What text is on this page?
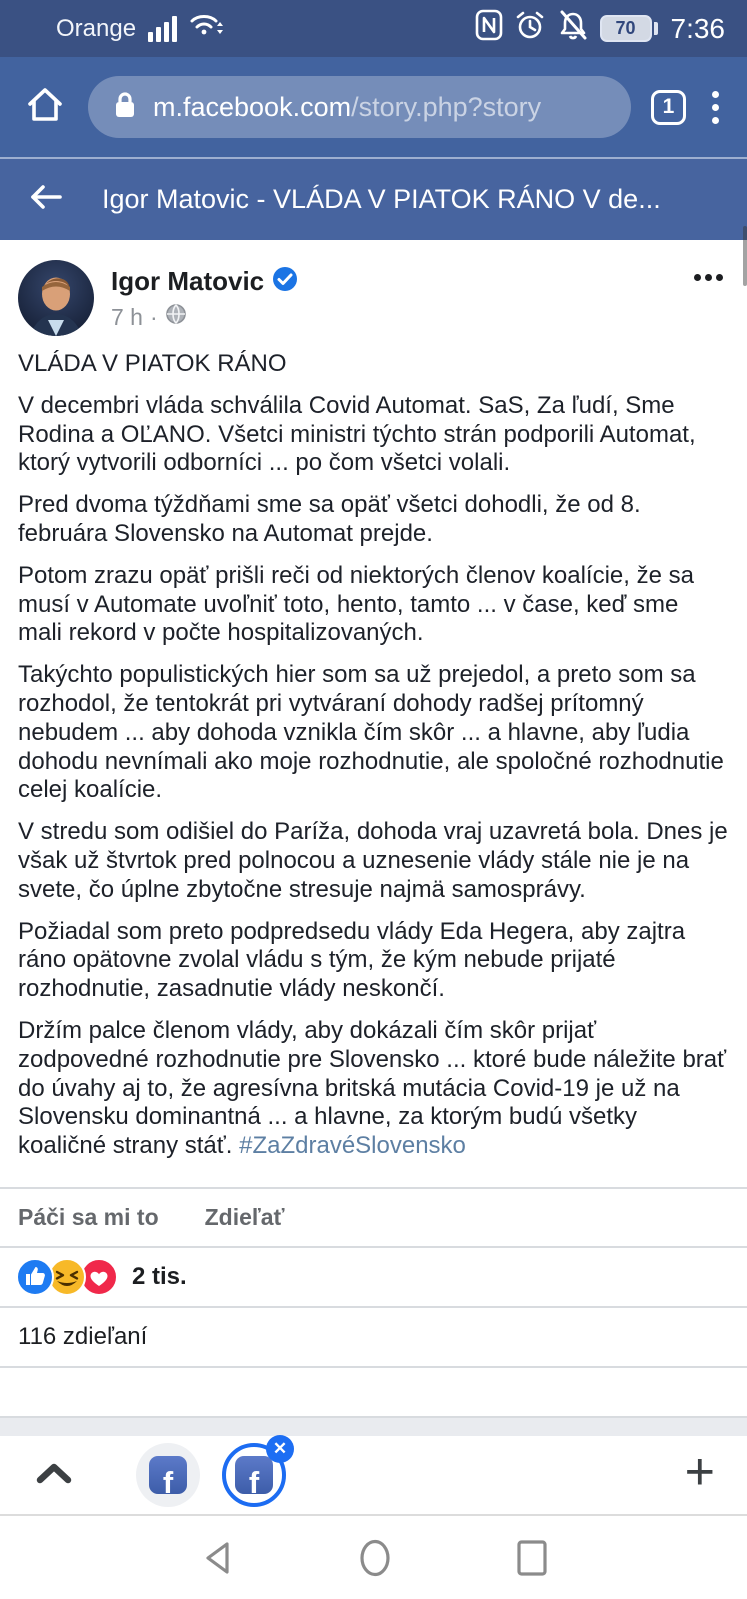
Orange	70	7:36
m.facebook.com/story.php?story	1
Igor Matovic - VLÁDA V PIATOK RÁNO V de...
Igor Matovic
7 h ·

VLÁDA V PIATOK RÁNO

V decembri vláda schválila Covid Automat. SaS, Za ľudí, Sme Rodina a OĽANO. Všetci ministri týchto strán podporili Automat, ktorý vytvorili odborníci ... po čom všetci volali.

Pred dvoma týždňami sme sa opäť všetci dohodli, že od 8. februára Slovensko na Automat prejde.

Potom zrazu opäť prišli reči od niektorých členov koalície, že sa musí v Automate uvoľniť toto, hento, tamto ... v čase, keď sme mali rekord v počte hospitalizovaných.

Takýchto populistických hier som sa už prejedol, a preto som sa rozhodol, že tentokrát pri vytváraní dohody radšej prítomný nebudem ... aby dohoda vznikla čím skôr ... a hlavne, aby ľudia dohodu nevnímali ako moje rozhodnutie, ale spoločné rozhodnutie celej koalície.

V stredu som odišiel do Paríža, dohoda vraj uzavretá bola. Dnes je však už štvrtok pred polnocou a uznesenie vlády stále nie je na svete, čo úplne zbytočne stresuje najmä samosprávy.

Požiadal som preto podpredsedu vlády Eda Hegera, aby zajtra ráno opätovne zvolal vládu s tým, že kým nebude prijaté rozhodnutie, zasadnutie vlády neskončí.

Držím palce členom vlády, aby dokázali čím skôr prijať zodpovedné rozhodnutie pre Slovensko ... ktoré bude náležite brať do úvahy aj to, že agresívna britská mutácia Covid-19 je už na Slovensku dominantná ... a hlavne, za ktorým budú všetky koaličné strany stáť. #ZaZdravéSlovensko

Páči sa mi to Zdieľať
2 tis.
116 zdieľaní
f f
✕	+
